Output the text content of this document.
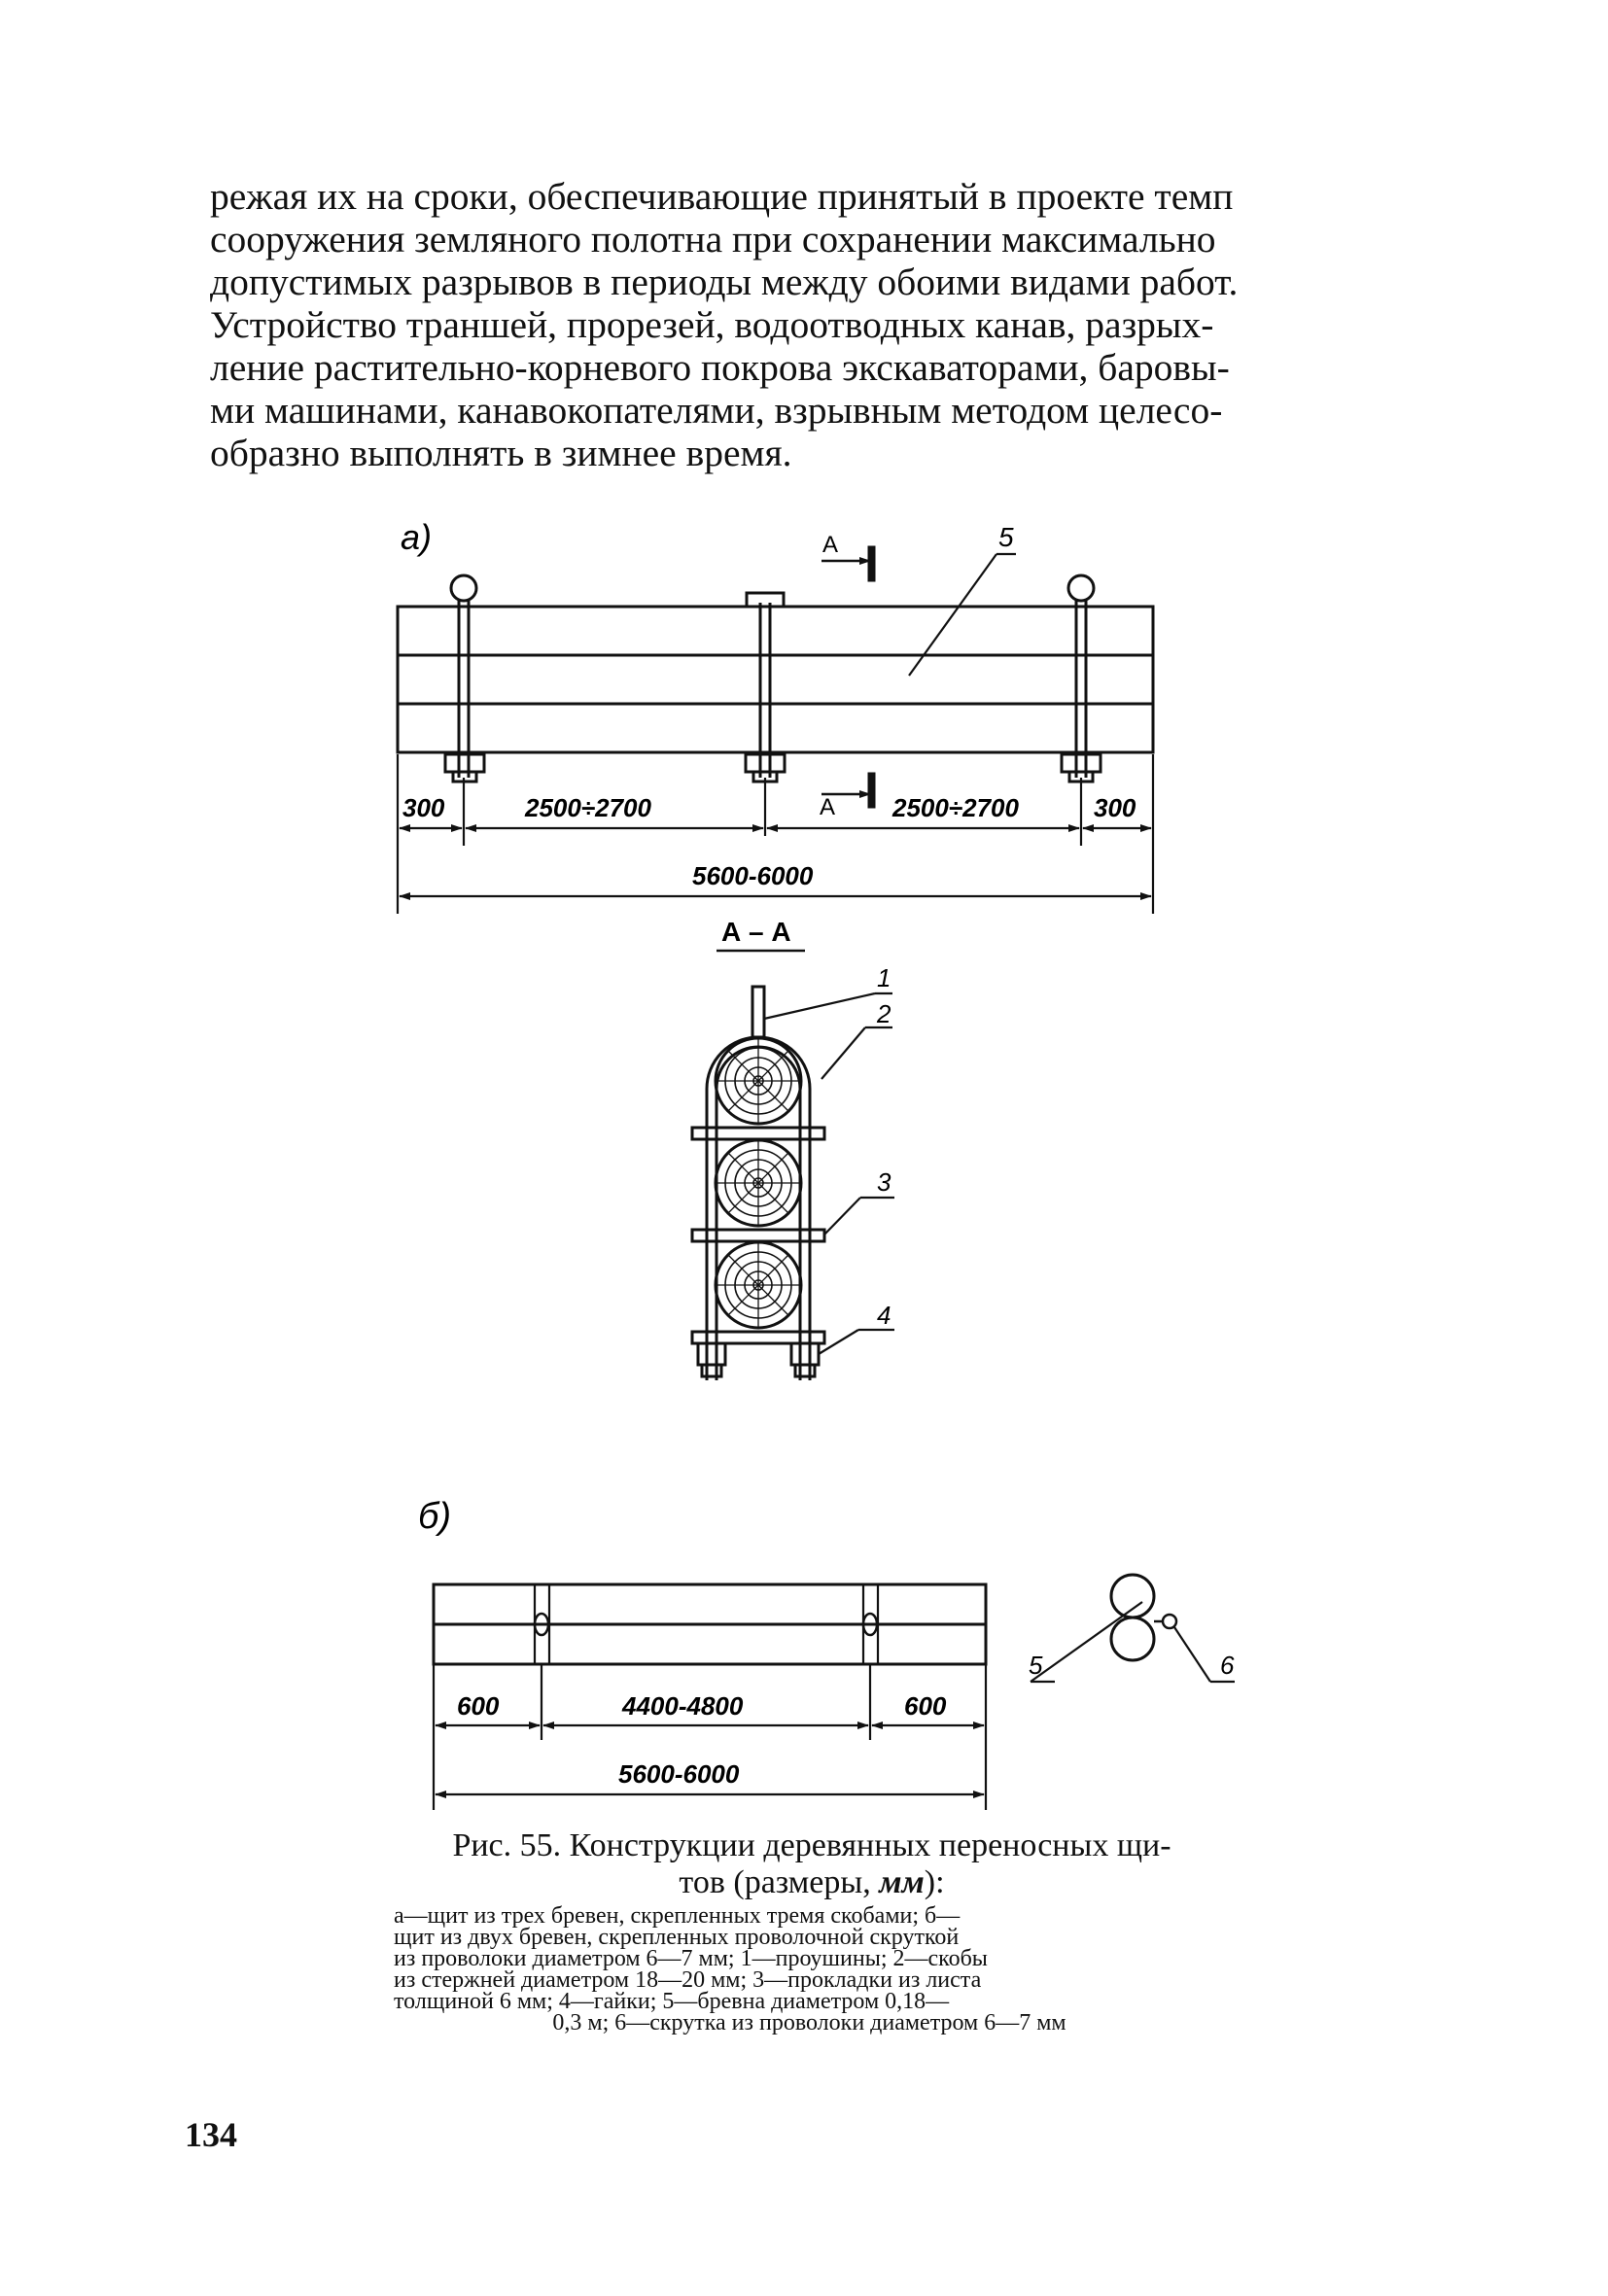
режая их на сроки, обеспечивающие принятый в проекте темп
сооружения земляного полотна при сохранении максимально
допустимых разрывов в периоды между обоими видами работ.
Устройство траншей, прорезей, водоотводных канав, разрых-
ление растительно-корневого покрова экскаваторами, баровы-
ми машинами, канавокопателями, взрывным методом целесо-
образно выполнять в зимнее время.
а)	5
А
А
300	2500÷2700	2500÷2700	300
5600-6000
А – А
1
2
3
4
б)
600	4400-4800	600
5600-6000
5	6

Рис. 55. Конструкции деревянных переносных щи-
тов (размеры, мм):

а—щит из трех бревен, скрепленных тремя скобами; б—
щит из двух бревен, скрепленных проволочной скруткой
из проволоки диаметром 6—7 мм; 1—проушины; 2—скобы
из стержней диаметром 18—20 мм; 3—прокладки из листа
толщиной 6 мм; 4—гайки; 5—бревна диаметром 0,18—
0,3 м; 6—скрутка из проволоки диаметром 6—7 мм
134
